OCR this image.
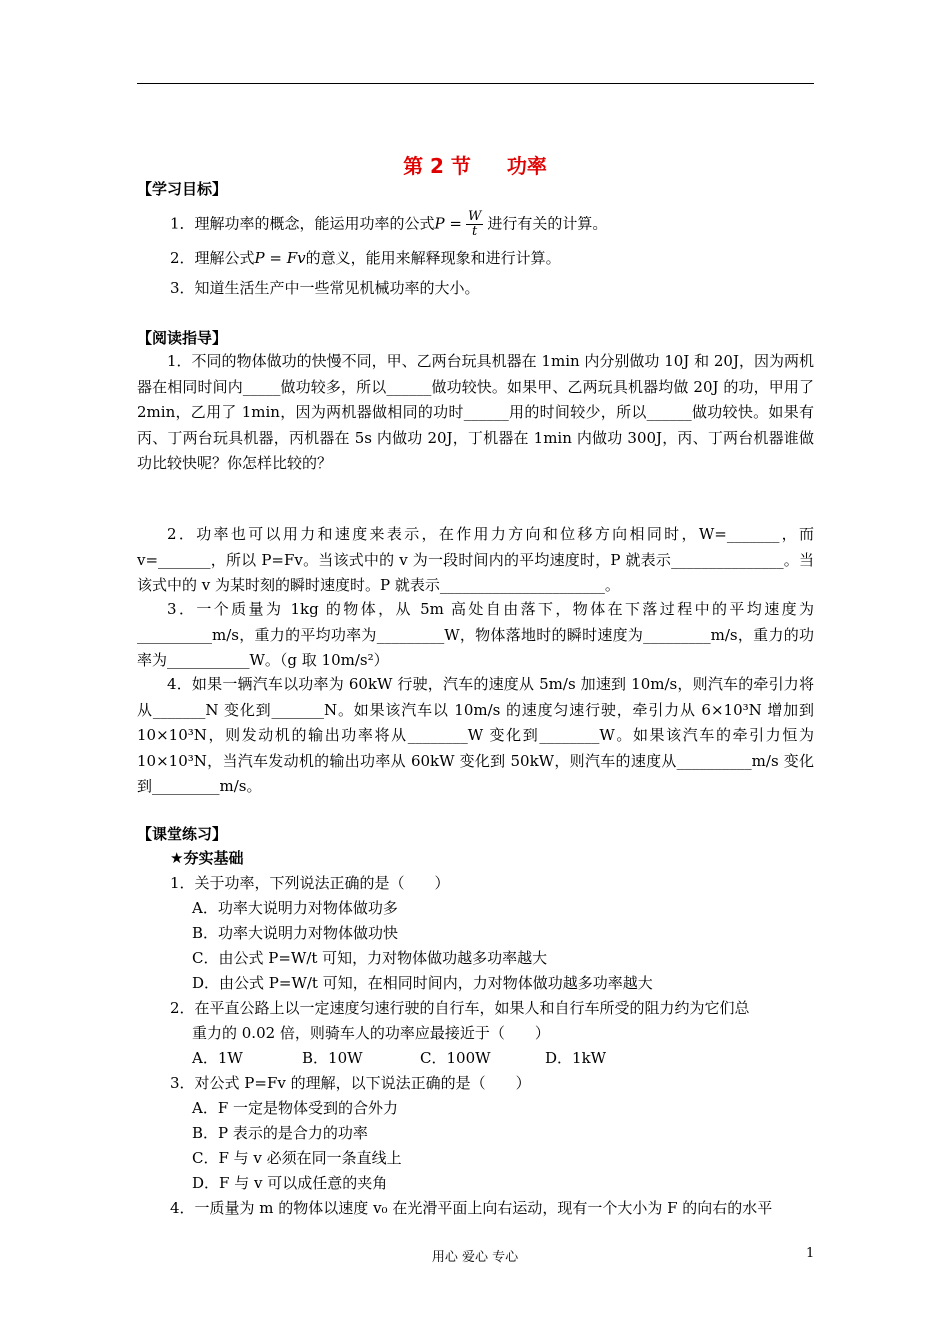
第 2 节 功率
【学习目标】
1．理解功率的概念，能运用功率的公式$P = \frac{W}{t}$ 进行有关的计算。
2．理解公式P = Fv的意义，能用来解释现象和进行计算。
3．知道生活生产中一些常见机械功率的大小。
【阅读指导】

1．不同的物体做功的快慢不同，甲、乙两台玩具机器在 1min 内分别做功 10J 和 20J，因为两机器在相同时间内_____做功较多，所以______做功较快。如果甲、乙两玩具机器均做 20J 的功，甲用了 2min，乙用了 1min，因为两机器做相同的功时______用的时间较少，所以______做功较快。如果有丙、丁两台玩具机器，丙机器在 5s 内做功 20J，丁机器在 1min 内做功 300J，丙、丁两台机器谁做功比较快呢？你怎样比较的？

2．功率也可以用力和速度来表示，在作用力方向和位移方向相同时，W=_______，而 v=_______，所以 P=Fv。当该式中的 v 为一段时间内的平均速度时，P 就表示_______________。当该式中的 v 为某时刻的瞬时速度时。P 就表示______________________。

3．一个质量为 1kg 的物体，从 5m 高处自由落下，物体在下落过程中的平均速度为__________m/s，重力的平均功率为_________W，物体落地时的瞬时速度为_________m/s，重力的功率为___________W。（g 取 10m/s²）

4．如果一辆汽车以功率为 60kW 行驶，汽车的速度从 5m/s 加速到 10m/s，则汽车的牵引力将从_______N 变化到_______N。如果该汽车以 10m/s 的速度匀速行驶，牵引力从 6×10³N 增加到 10×10³N，则发动机的输出功率将从________W 变化到________W。如果该汽车的牵引力恒为 10×10³N，当汽车发动机的输出功率从 60kW 变化到 50kW，则汽车的速度从__________m/s 变化到_________m/s。

【课堂练习】
★夯实基础
1．关于功率，下列说法正确的是（　　）
A．功率大说明力对物体做功多
B．功率大说明力对物体做功快
C．由公式 P=W/t 可知，力对物体做功越多功率越大
D．由公式 P=W/t 可知，在相同时间内，力对物体做功越多功率越大
2．在平直公路上以一定速度匀速行驶的自行车，如果人和自行车所受的阻力约为它们总
重力的 0.02 倍，则骑车人的功率应最接近于（　　）
A．1W	B．10W	C．100W	D．1kW
3．对公式 P=Fv 的理解，以下说法正确的是（　　）
A．F 一定是物体受到的合外力
B．P 表示的是合力的功率
C．F 与 v 必须在同一条直线上
D．F 与 v 可以成任意的夹角
4．一质量为 m 的物体以速度 v₀ 在光滑平面上向右运动，现有一个大小为 F 的向右的水平
用心 爱心 专心	1
